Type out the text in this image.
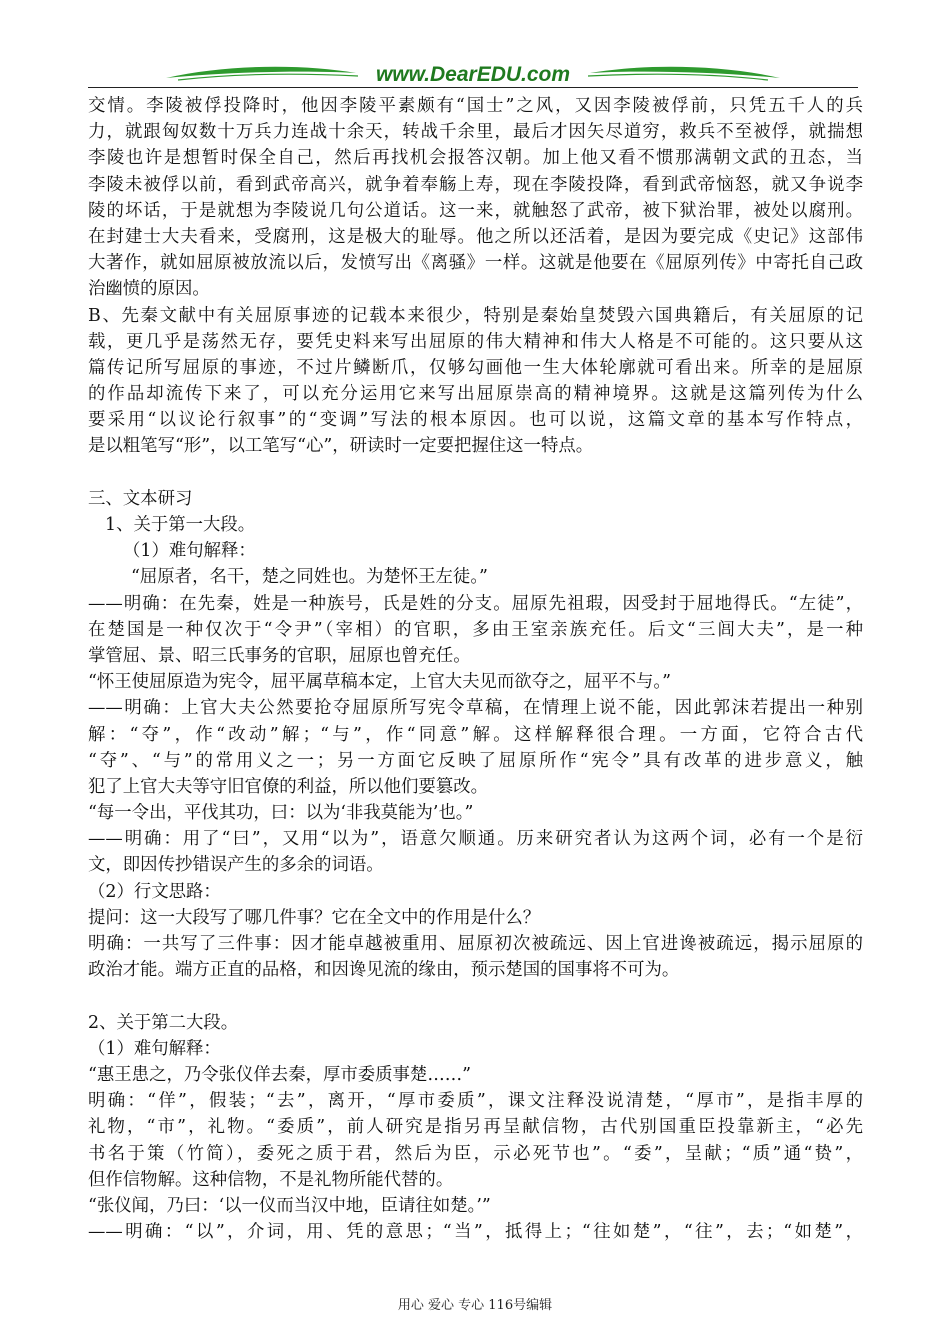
www.DearEDU.com
交情。李陵被俘投降时，他因李陵平素颇有“国士”之风，又因李陵被俘前，只凭五千人的兵
力，就跟匈奴数十万兵力连战十余天，转战千余里，最后才因矢尽道穷，救兵不至被俘，就揣想
李陵也许是想暂时保全自己，然后再找机会报答汉朝。加上他又看不惯那满朝文武的丑态，当
李陵未被俘以前，看到武帝高兴，就争着奉觞上寿，现在李陵投降，看到武帝恼怒，就又争说李
陵的坏话，于是就想为李陵说几句公道话。这一来，就触怒了武帝，被下狱治罪，被处以腐刑。
在封建士大夫看来，受腐刑，这是极大的耻辱。他之所以还活着，是因为要完成《史记》这部伟
大著作，就如屈原被放流以后，发愤写出《离骚》一样。这就是他要在《屈原列传》中寄托自己政
治幽愤的原因。
B、先秦文献中有关屈原事迹的记载本来很少，特别是秦始皇焚毁六国典籍后，有关屈原的记
载，更几乎是荡然无存，要凭史料来写出屈原的伟大精神和伟大人格是不可能的。这只要从这
篇传记所写屈原的事迹，不过片鳞断爪，仅够勾画他一生大体轮廓就可看出来。所幸的是屈原
的作品却流传下来了，可以充分运用它来写出屈原崇高的精神境界。这就是这篇列传为什么
要采用“以议论行叙事”的“变调”写法的根本原因。也可以说，这篇文章的基本写作特点，
是以粗笔写“形”，以工笔写“心”，研读时一定要把握住这一特点。
三、文本研习
1、关于第一大段。
（1）难句解释：
“屈原者，名干，楚之同姓也。为楚怀王左徒。”
——明确：在先秦，姓是一种族号，氏是姓的分支。屈原先祖瑕，因受封于屈地得氏。“左徒”，
在楚国是一种仅次于“令尹”（宰相）的官职，多由王室亲族充任。后文“三闾大夫”，是一种
掌管屈、景、昭三氏事务的官职，屈原也曾充任。
“怀王使屈原造为宪令，屈平属草稿本定，上官大夫见而欲夺之，屈平不与。”
——明确：上官大夫公然要抢夺屈原所写宪令草稿，在情理上说不能，因此郭沫若提出一种别
解：“夺”，作“改动”解；“与”，作“同意”解。这样解释很合理。一方面，它符合古代
“夺”、“与”的常用义之一；另一方面它反映了屈原所作“宪令”具有改革的进步意义，触
犯了上官大夫等守旧官僚的利益，所以他们要篡改。
“每一令出，平伐其功，曰：以为‘非我莫能为’也。”
——明确：用了“曰”，又用“以为”，语意欠顺通。历来研究者认为这两个词，必有一个是衍
文，即因传抄错误产生的多余的词语。
（2）行文思路：
提问：这一大段写了哪几件事？它在全文中的作用是什么？
明确：一共写了三件事：因才能卓越被重用、屈原初次被疏远、因上官进谗被疏远，揭示屈原的
政治才能。端方正直的品格，和因谗见流的缘由，预示楚国的国事将不可为。
2、关于第二大段。
（1）难句解释：
“惠王患之，乃令张仪佯去秦，厚市委质事楚……”
明确：“佯”，假装；“去”，离开，“厚市委质”，课文注释没说清楚，“厚市”，是指丰厚的
礼物，“市”，礼物。“委质”，前人研究是指另再呈献信物，古代别国重臣投靠新主，“必先
书名于策（竹简），委死之质于君，然后为臣，示必死节也”。“委”，呈献；“质”通“贽”，
但作信物解。这种信物，不是礼物所能代替的。
“张仪闻，乃曰：‘以一仪而当汉中地，臣请往如楚。’”
——明确：“以”，介词，用、凭的意思；“当”，抵得上；“往如楚”，“往”，去；“如楚”，
用心 爱心 专心 116号编辑
